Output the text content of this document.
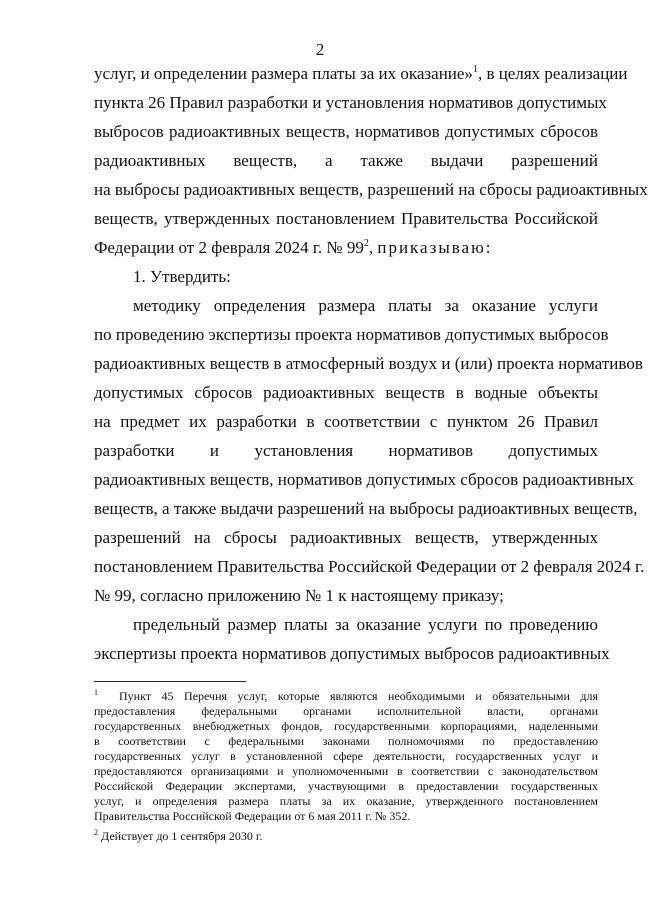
2
услуг, и определении размера платы за их оказание»$^1$, в целях реализации
пункта 26 Правил разработки и установления нормативов допустимых
выбросов радиоактивных веществ, нормативов допустимых сбросов
радиоактивных веществ, а также выдачи разрешений
на выбросы радиоактивных веществ, разрешений на сбросы радиоактивных
веществ, утвержденных постановлением Правительства Российской
Федерации от 2 февраля 2024 г. № $99^2$, приказываю:
1. Утвердить:
методику определения размера платы за оказание услуги
по проведению экспертизы проекта нормативов допустимых выбросов
радиоактивных веществ в атмосферный воздух и (или) проекта нормативов
допустимых сбросов радиоактивных веществ в водные объекты
на предмет их разработки в соответствии с пунктом 26 Правил
разработки и установления нормативов допустимых
радиоактивных веществ, нормативов допустимых сбросов радиоактивных
веществ, а также выдачи разрешений на выбросы радиоактивных веществ,
разрешений на сбросы радиоактивных веществ, утвержденных
постановлением Правительства Российской Федерации от 2 февраля 2024 г.
№ 99, согласно приложению № 1 к настоящему приказу;
предельный размер платы за оказание услуги по проведению
экспертизы проекта нормативов допустимых выбросов радиоактивных
$^1$ Пункт 45 Перечня услуг, которые являются необходимыми и обязательными для
предоставления федеральными органами исполнительной власти, органами
государственных внебюджетных фондов, государственными корпорациями, наделенными
в соответствии с федеральными законами полномочиями по предоставлению
государственных услуг в установленной сфере деятельности, государственных услуг и
предоставляются организациями и уполномоченными в соответствии с законодательством
Российской Федерации экспертами, участвующими в предоставлении государственных
услуг, и определения размера платы за их оказание, утвержденного постановлением
Правительства Российской Федерации от 6 мая 2011 г. № 352.
$^2$ Действует до 1 сентября 2030 г.
